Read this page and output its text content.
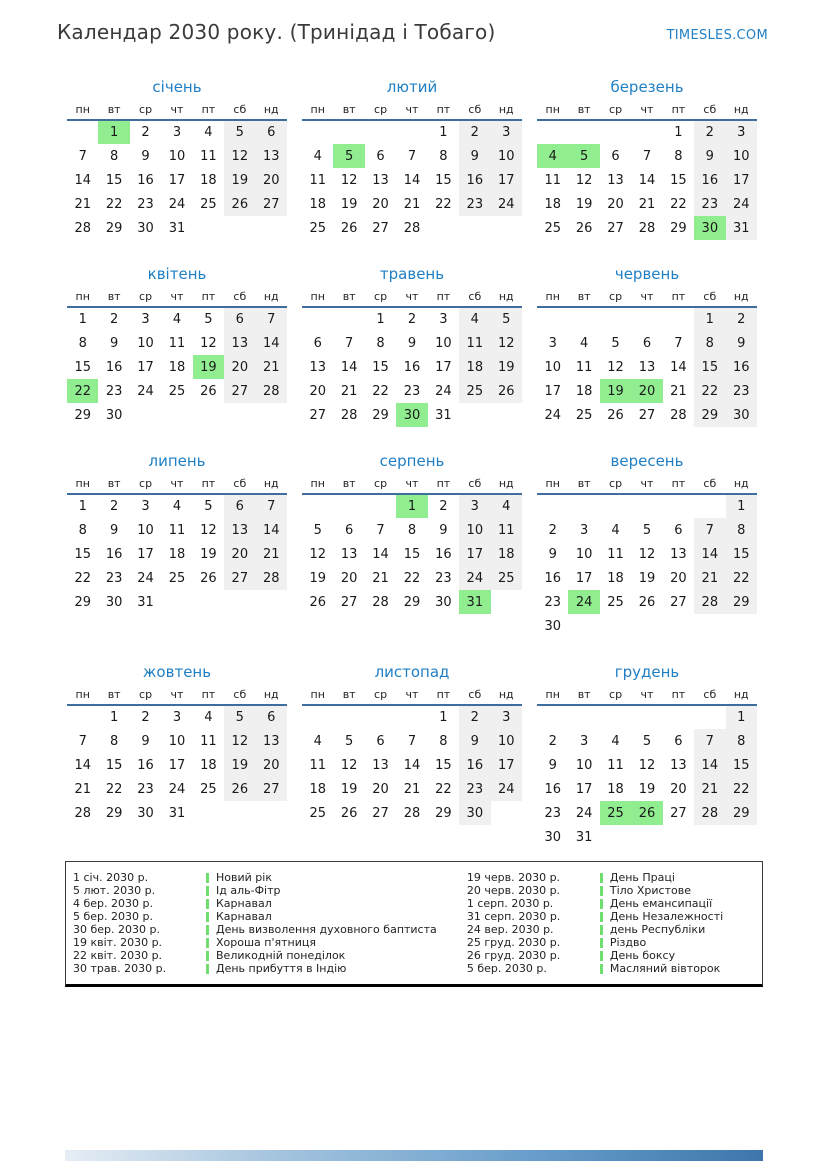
Календар 2030 року. (Тринідад і Тобаго)	TIMESLES.COM
січень
пн	вт	ср	чт	пт	сб	нд
	1	2	3	4	5	6
7	8	9	10	11	12	13
14	15	16	17	18	19	20
21	22	23	24	25	26	27
28	29	30	31			
лютий
пн	вт	ср	чт	пт	сб	нд
				1	2	3
4	5	6	7	8	9	10
11	12	13	14	15	16	17
18	19	20	21	22	23	24
25	26	27	28			
березень
пн	вт	ср	чт	пт	сб	нд
				1	2	3
4	5	6	7	8	9	10
11	12	13	14	15	16	17
18	19	20	21	22	23	24
25	26	27	28	29	30	31
квітень
пн	вт	ср	чт	пт	сб	нд
1	2	3	4	5	6	7
8	9	10	11	12	13	14
15	16	17	18	19	20	21
22	23	24	25	26	27	28
29	30					
травень
пн	вт	ср	чт	пт	сб	нд
		1	2	3	4	5
6	7	8	9	10	11	12
13	14	15	16	17	18	19
20	21	22	23	24	25	26
27	28	29	30	31		
червень
пн	вт	ср	чт	пт	сб	нд
					1	2
3	4	5	6	7	8	9
10	11	12	13	14	15	16
17	18	19	20	21	22	23
24	25	26	27	28	29	30
липень
пн	вт	ср	чт	пт	сб	нд
1	2	3	4	5	6	7
8	9	10	11	12	13	14
15	16	17	18	19	20	21
22	23	24	25	26	27	28
29	30	31				
серпень
пн	вт	ср	чт	пт	сб	нд
			1	2	3	4
5	6	7	8	9	10	11
12	13	14	15	16	17	18
19	20	21	22	23	24	25
26	27	28	29	30	31	
вересень
пн	вт	ср	чт	пт	сб	нд
						1
2	3	4	5	6	7	8
9	10	11	12	13	14	15
16	17	18	19	20	21	22
23	24	25	26	27	28	29
30						
жовтень
пн	вт	ср	чт	пт	сб	нд
	1	2	3	4	5	6
7	8	9	10	11	12	13
14	15	16	17	18	19	20
21	22	23	24	25	26	27
28	29	30	31			
листопад
пн	вт	ср	чт	пт	сб	нд
				1	2	3
4	5	6	7	8	9	10
11	12	13	14	15	16	17
18	19	20	21	22	23	24
25	26	27	28	29	30	
грудень
пн	вт	ср	чт	пт	сб	нд
						1
2	3	4	5	6	7	8
9	10	11	12	13	14	15
16	17	18	19	20	21	22
23	24	25	26	27	28	29
30	31					
1 січ. 2030 р.	Новий рік
5 лют. 2030 р.	Ід аль-Фітр
4 бер. 2030 р.	Карнавал
5 бер. 2030 р.	Карнавал
30 бер. 2030 р.	День визволення духовного баптиста
19 квіт. 2030 р.	Хороша п'ятниця
22 квіт. 2030 р.	Великодній понеділок
30 трав. 2030 р.	День прибуття в Індію
19 черв. 2030 р.	День Праці
20 черв. 2030 р.	Тіло Христове
1 серп. 2030 р.	День емансипації
31 серп. 2030 р.	День Незалежності
24 вер. 2030 р.	день Республіки
25 груд. 2030 р.	Різдво
26 груд. 2030 р.	День боксу
5 бер. 2030 р.	Масляний вівторок
